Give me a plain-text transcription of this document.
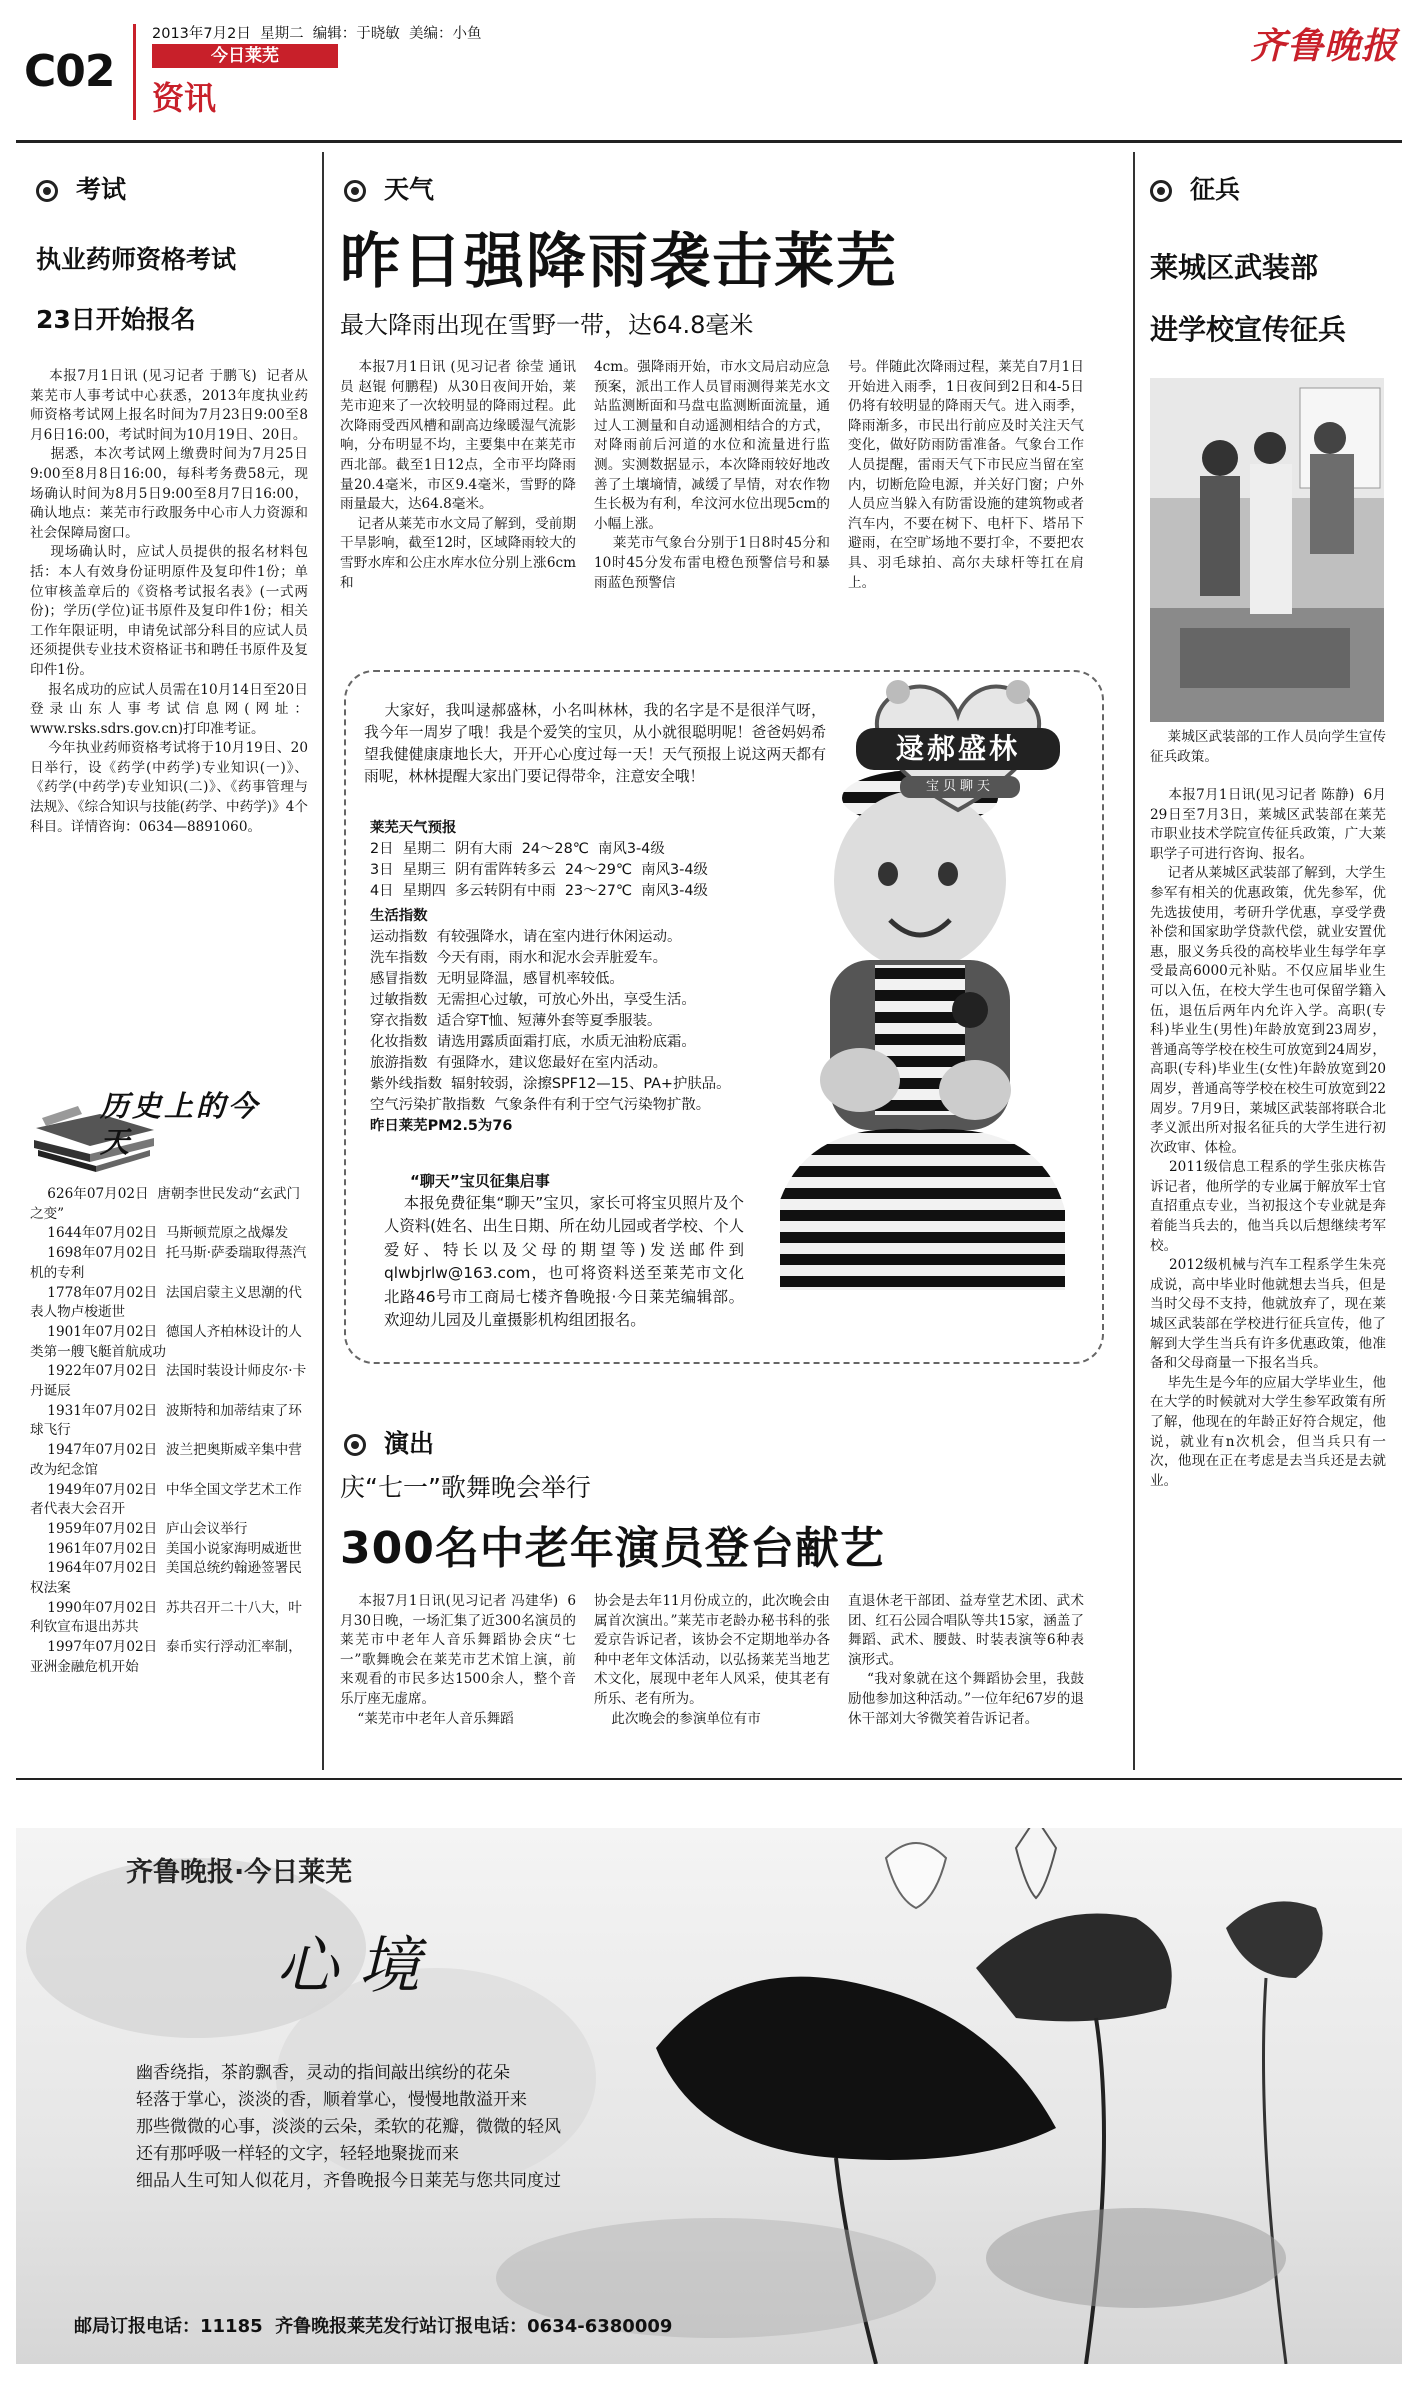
C02
2013年7月2日  星期二  编辑：于晓敏  美编：小鱼
今日莱芜
资讯
齐鲁晚报
考试
执业药师资格考试
23日开始报名
本报7月1日讯 (见习记者 于鹏飞)  记者从莱芜市人事考试中心获悉，2013年度执业药师资格考试网上报名时间为7月23日9:00至8月6日16:00，考试时间为10月19日、20日。
据悉，本次考试网上缴费时间为7月25日9:00至8月8日16:00，每科考务费58元，现场确认时间为8月5日9:00至8月7日16:00，确认地点：莱芜市行政服务中心市人力资源和社会保障局窗口。
现场确认时，应试人员提供的报名材料包括：本人有效身份证明原件及复印件1份；单位审核盖章后的《资格考试报名表》(一式两份)；学历(学位)证书原件及复印件1份；相关工作年限证明，申请免试部分科目的应试人员还须提供专业技术资格证书和聘任书原件及复印件1份。
报名成功的应试人员需在10月14日至20日登录山东人事考试信息网(网址：www.rsks.sdrs.gov.cn)打印准考证。
今年执业药师资格考试将于10月19日、20日举行，设《药学(中药学)专业知识(一)》、《药学(中药学)专业知识(二)》、《药事管理与法规》、《综合知识与技能(药学、中药学)》4个科目。详情咨询：0634—8891060。
历史上的今天
626年07月02日  唐朝李世民发动“玄武门之变”
1644年07月02日  马斯顿荒原之战爆发
1698年07月02日  托马斯·萨委瑞取得蒸汽机的专利
1778年07月02日  法国启蒙主义思潮的代表人物卢梭逝世
1901年07月02日  德国人齐柏林设计的人类第一艘飞艇首航成功
1922年07月02日  法国时装设计师皮尔·卡丹诞辰
1931年07月02日  波斯特和加蒂结束了环球飞行
1947年07月02日  波兰把奥斯威辛集中营改为纪念馆
1949年07月02日  中华全国文学艺术工作者代表大会召开
1959年07月02日  庐山会议举行
1961年07月02日  美国小说家海明威逝世
1964年07月02日  美国总统约翰逊签署民权法案
1990年07月02日  苏共召开二十八大，叶利钦宣布退出苏共
1997年07月02日  泰币实行浮动汇率制，亚洲金融危机开始
天气
昨日强降雨袭击莱芜
最大降雨出现在雪野一带，达64.8毫米
本报7月1日讯 (见习记者 徐莹 通讯员 赵锟 何鹏程)  从30日夜间开始，莱芜市迎来了一次较明显的降雨过程。此次降雨受西风槽和副高边缘暖湿气流影响，分布明显不均，主要集中在莱芜市西北部。截至1日12点，全市平均降雨量20.4毫米，市区9.4毫米，雪野的降雨量最大，达64.8毫米。
记者从莱芜市水文局了解到，受前期干旱影响，截至12时，区域降雨较大的雪野水库和公庄水库水位分别上涨6cm和
4cm。强降雨开始，市水文局启动应急预案，派出工作人员冒雨测得莱芜水文站监测断面和马盘屯监测断面流量，通过人工测量和自动遥测相结合的方式，对降雨前后河道的水位和流量进行监测。实测数据显示，本次降雨较好地改善了土壤墒情，减缓了旱情，对农作物生长极为有利，牟汶河水位出现5cm的小幅上涨。
莱芜市气象台分别于1日8时45分和10时45分发布雷电橙色预警信号和暴雨蓝色预警信
号。伴随此次降雨过程，莱芜自7月1日开始进入雨季，1日夜间到2日和4-5日仍将有较明显的降雨天气。进入雨季，降雨渐多，市民出行前应及时关注天气变化，做好防雨防雷准备。气象台工作人员提醒，雷雨天气下市民应当留在室内，切断危险电源，并关好门窗；户外人员应当躲入有防雷设施的建筑物或者汽车内，不要在树下、电杆下、塔吊下避雨，在空旷场地不要打伞，不要把农具、羽毛球拍、高尔夫球杆等扛在肩上。
逯郝盛林
宝贝聊天
大家好，我叫逯郝盛林，小名叫林林，我的名字是不是很洋气呀，我今年一周岁了哦！我是个爱笑的宝贝，从小就很聪明呢！爸爸妈妈希望我健健康康地长大，开开心心度过每一天！天气预报上说这两天都有雨呢，林林提醒大家出门要记得带伞，注意安全哦！
莱芜天气预报
2日  星期二  阴有大雨  24～28℃  南风3-4级
3日  星期三  阴有雷阵转多云  24～29℃  南风3-4级
4日  星期四  多云转阴有中雨  23～27℃  南风3-4级
生活指数
运动指数  有较强降水，请在室内进行休闲运动。
洗车指数  今天有雨，雨水和泥水会弄脏爱车。
感冒指数  无明显降温，感冒机率较低。
过敏指数  无需担心过敏，可放心外出，享受生活。
穿衣指数  适合穿T恤、短薄外套等夏季服装。
化妆指数  请选用露质面霜打底，水质无油粉底霜。
旅游指数  有强降水，建议您最好在室内活动。
紫外线指数  辐射较弱，涂擦SPF12—15、PA+护肤品。
空气污染扩散指数  气象条件有利于空气污染物扩散。
昨日莱芜PM2.5为76
“聊天”宝贝征集启事
本报免费征集“聊天”宝贝，家长可将宝贝照片及个人资料(姓名、出生日期、所在幼儿园或者学校、个人爱好、特长以及父母的期望等)发送邮件到qlwbjrlw@163.com，也可将资料送至莱芜市文化北路46号市工商局七楼齐鲁晚报·今日莱芜编辑部。欢迎幼儿园及儿童摄影机构组团报名。
演出
庆“七一”歌舞晚会举行
300名中老年演员登台献艺
本报7月1日讯(见习记者 冯建华)  6月30日晚，一场汇集了近300名演员的莱芜市中老年人音乐舞蹈协会庆“七一”歌舞晚会在莱芜市艺术馆上演，前来观看的市民多达1500余人，整个音乐厅座无虚席。
“莱芜市中老年人音乐舞蹈
协会是去年11月份成立的，此次晚会由属首次演出。”莱芜市老龄办秘书科的张爱京告诉记者，该协会不定期地举办各种中老年文体活动，以弘扬莱芜当地艺术文化，展现中老年人风采，使其老有所乐、老有所为。
此次晚会的参演单位有市
直退休老干部团、益寿堂艺术团、武术团、红石公园合唱队等共15家，涵盖了舞蹈、武术、腰鼓、时装表演等6种表演形式。
“我对象就在这个舞蹈协会里，我鼓励他参加这种活动。”一位年纪67岁的退休干部刘大爷微笑着告诉记者。
征兵
莱城区武装部
进学校宣传征兵
莱城区武装部的工作人员向学生宣传征兵政策。
本报7月1日讯(见习记者 陈静)  6月29日至7月3日，莱城区武装部在莱芜市职业技术学院宣传征兵政策，广大莱职学子可进行咨询、报名。
记者从莱城区武装部了解到，大学生参军有相关的优惠政策，优先参军，优先选拔使用，考研升学优惠，享受学费补偿和国家助学贷款代偿，就业安置优惠，服义务兵役的高校毕业生每学年享受最高6000元补贴。不仅应届毕业生可以入伍，在校大学生也可保留学籍入伍，退伍后两年内允许入学。高职(专科)毕业生(男性)年龄放宽到23周岁，普通高等学校在校生可放宽到24周岁，高职(专科)毕业生(女性)年龄放宽到20周岁，普通高等学校在校生可放宽到22周岁。7月9日，莱城区武装部将联合北孝义派出所对报名征兵的大学生进行初次政审、体检。
2011级信息工程系的学生张庆栋告诉记者，他所学的专业属于解放军士官直招重点专业，当初报这个专业就是奔着能当兵去的，他当兵以后想继续考军校。
2012级机械与汽车工程系学生朱亮成说，高中毕业时他就想去当兵，但是当时父母不支持，他就放弃了，现在莱城区武装部在学校进行征兵宣传，他了解到大学生当兵有许多优惠政策，他准备和父母商量一下报名当兵。
毕先生是今年的应届大学毕业生，他在大学的时候就对大学生参军政策有所了解，他现在的年龄正好符合规定，他说，就业有n次机会，但当兵只有一次，他现在正在考虑是去当兵还是去就业。
齐鲁晚报·今日莱芜
心境
幽香绕指，茶韵飘香，灵动的指间敲出缤纷的花朵
轻落于掌心，淡淡的香，顺着掌心，慢慢地散溢开来
那些微微的心事，淡淡的云朵，柔软的花瓣，微微的轻风
还有那呼吸一样轻的文字，轻轻地聚拢而来
细品人生可知人似花月，齐鲁晚报今日莱芜与您共同度过
邮局订报电话：11185  齐鲁晚报莱芜发行站订报电话：0634-6380009
